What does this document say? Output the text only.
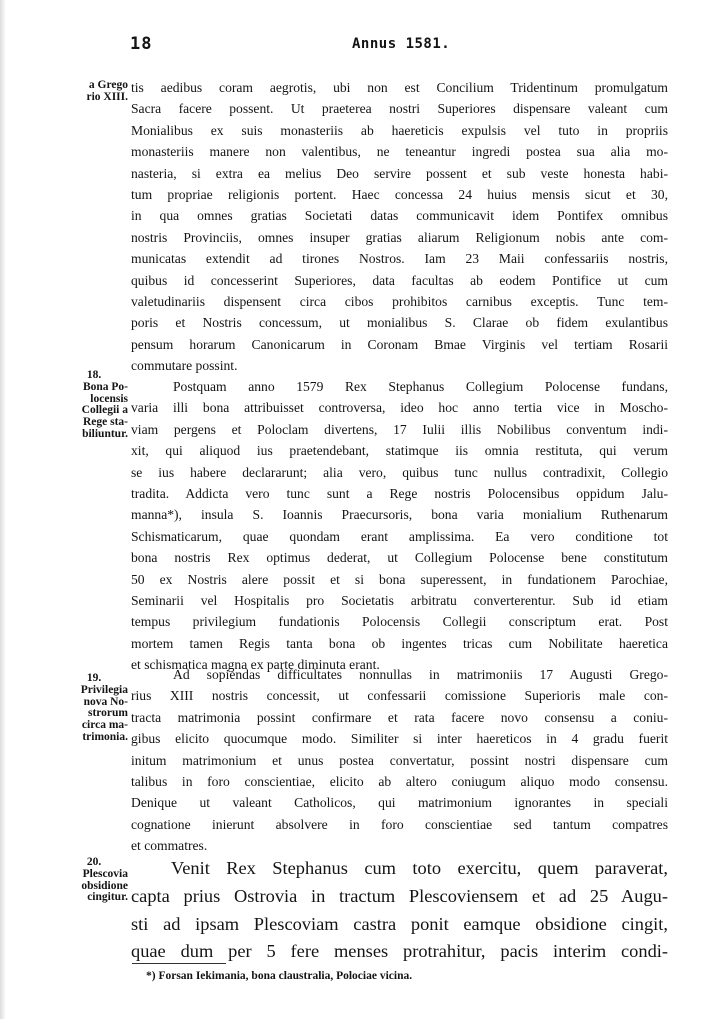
18	Annus 1581.
a Grego
rio XIII.
18.
Bona Po-
locensis
Collegii a
Rege sta-
biliuntur.
19.
Privilegia
nova No-
strorum
circa ma-
trimonia.
20.
Plescovia
obsidione
cingitur.
tis aedibus coram aegrotis, ubi non est Concilium Tridentinum promulgatum
Sacra facere possent. Ut praeterea nostri Superiores dispensare valeant cum
Monialibus ex suis monasteriis ab haereticis expulsis vel tuto in propriis
monasteriis manere non valentibus, ne teneantur ingredi postea sua alia mo-
nasteria, si extra ea melius Deo servire possent et sub veste honesta habi-
tum propriae religionis portent. Haec concessa 24 huius mensis sicut et 30,
in qua omnes gratias Societati datas communicavit idem Pontifex omnibus
nostris Provinciis, omnes insuper gratias aliarum Religionum nobis ante com-
municatas extendit ad tirones Nostros. Iam 23 Maii confessariis nostris,
quibus id concesserint Superiores, data facultas ab eodem Pontifice ut cum
valetudinariis dispensent circa cibos prohibitos carnibus exceptis. Tunc tem-
poris et Nostris concessum, ut monialibus S. Clarae ob fidem exulantibus
pensum horarum Canonicarum in Coronam Bmae Virginis vel tertiam Rosarii
commutare possint.
Postquam anno 1579 Rex Stephanus Collegium Polocense fundans,
varia illi bona attribuisset controversa, ideo hoc anno tertia vice in Moscho-
viam pergens et Poloclam divertens, 17 Iulii illis Nobilibus conventum indi-
xit, qui aliquod ius praetendebant, statimque iis omnia restituta, qui verum
se ius habere declararunt; alia vero, quibus tunc nullus contradixit, Collegio
tradita. Addicta vero tunc sunt a Rege nostris Polocensibus oppidum Jalu-
manna*), insula S. Ioannis Praecursoris, bona varia monialium Ruthenarum
Schismaticarum, quae quondam erant amplissima. Ea vero conditione tot
bona nostris Rex optimus dederat, ut Collegium Polocense bene constitutum
50 ex Nostris alere possit et si bona superessent, in fundationem Parochiae,
Seminarii vel Hospitalis pro Societatis arbitratu converterentur. Sub id etiam
tempus privilegium fundationis Polocensis Collegii conscriptum erat. Post
mortem tamen Regis tanta bona ob ingentes tricas cum Nobilitate haeretica
et schismatica magna ex parte diminuta erant.
Ad sopiendas difficultates nonnullas in matrimoniis 17 Augusti Grego-
rius XIII nostris concessit, ut confessarii comissione Superioris male con-
tracta matrimonia possint confirmare et rata facere novo consensu a coniu-
gibus elicito quocumque modo. Similiter si inter haereticos in 4 gradu fuerit
initum matrimonium et unus postea convertatur, possint nostri dispensare cum
talibus in foro conscientiae, elicito ab altero coniugum aliquo modo consensu.
Denique ut valeant Catholicos, qui matrimonium ignorantes in speciali
cognatione inierunt absolvere in foro conscientiae sed tantum compatres
et commatres.
Venit Rex Stephanus cum toto exercitu, quem paraverat,
capta prius Ostrovia in tractum Plescoviensem et ad 25 Augu-
sti ad ipsam Plescoviam castra ponit eamque obsidione cingit,
quae dum per 5 fere menses protrahitur, pacis interim condi-
*) Forsan Iekimania, bona claustralia, Polociae vicina.
